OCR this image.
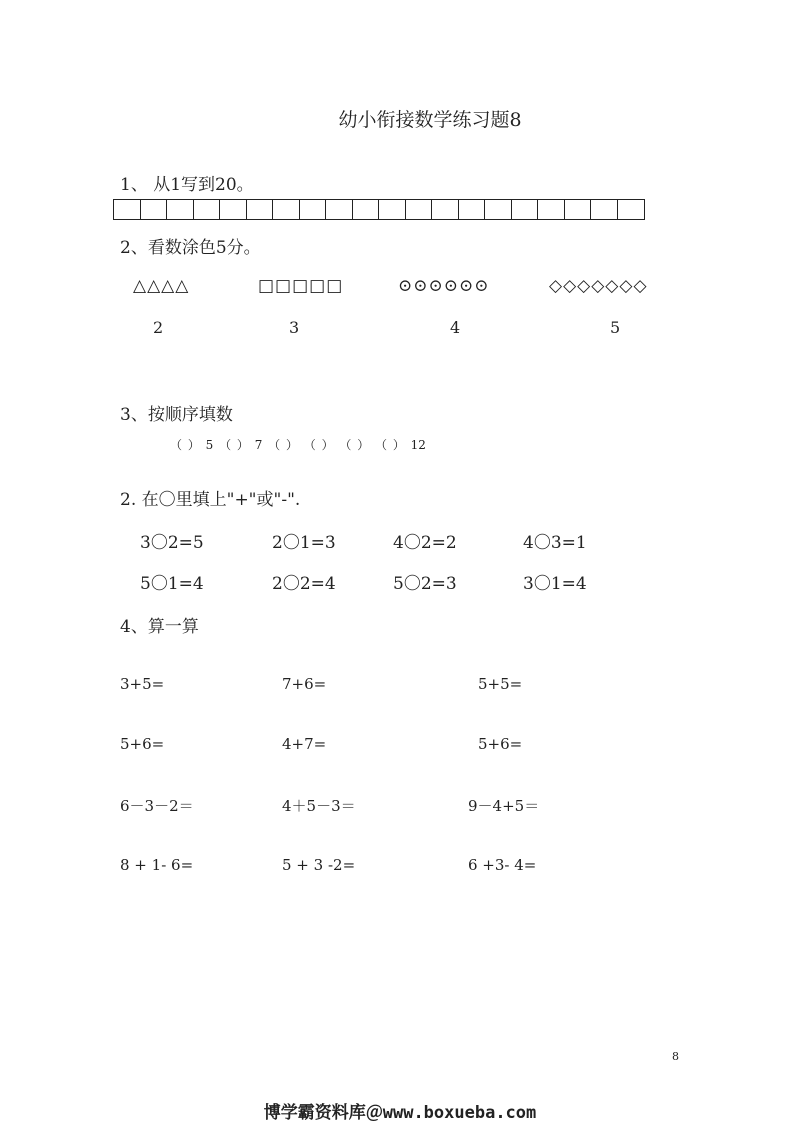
幼小衔接数学练习题8
1、 从1写到20。
2、看数涂色5分。
△△△△	□□□□□	⊙⊙⊙⊙⊙⊙	◇◇◇◇◇◇◇
2	3	4	5
3、按顺序填数
（ ） 5 （ ） 7 （ ） （ ） （ ） （ ） 12
2. 在〇里填上"+"或"-".
3〇2=5	2〇1=3	4〇2=2	4〇3=1
5〇1=4	2〇2=4	5〇2=3	3〇1=4
4、算一算
3+5=	7+6=	5+5=
5+6=	4+7=	5+6=
6－3－2＝	4＋5－3＝	9－4+5＝
8 + 1- 6=	5 + 3 -2=	6 +3- 4=
8
博学霸资料库＠www.boxueba.com
